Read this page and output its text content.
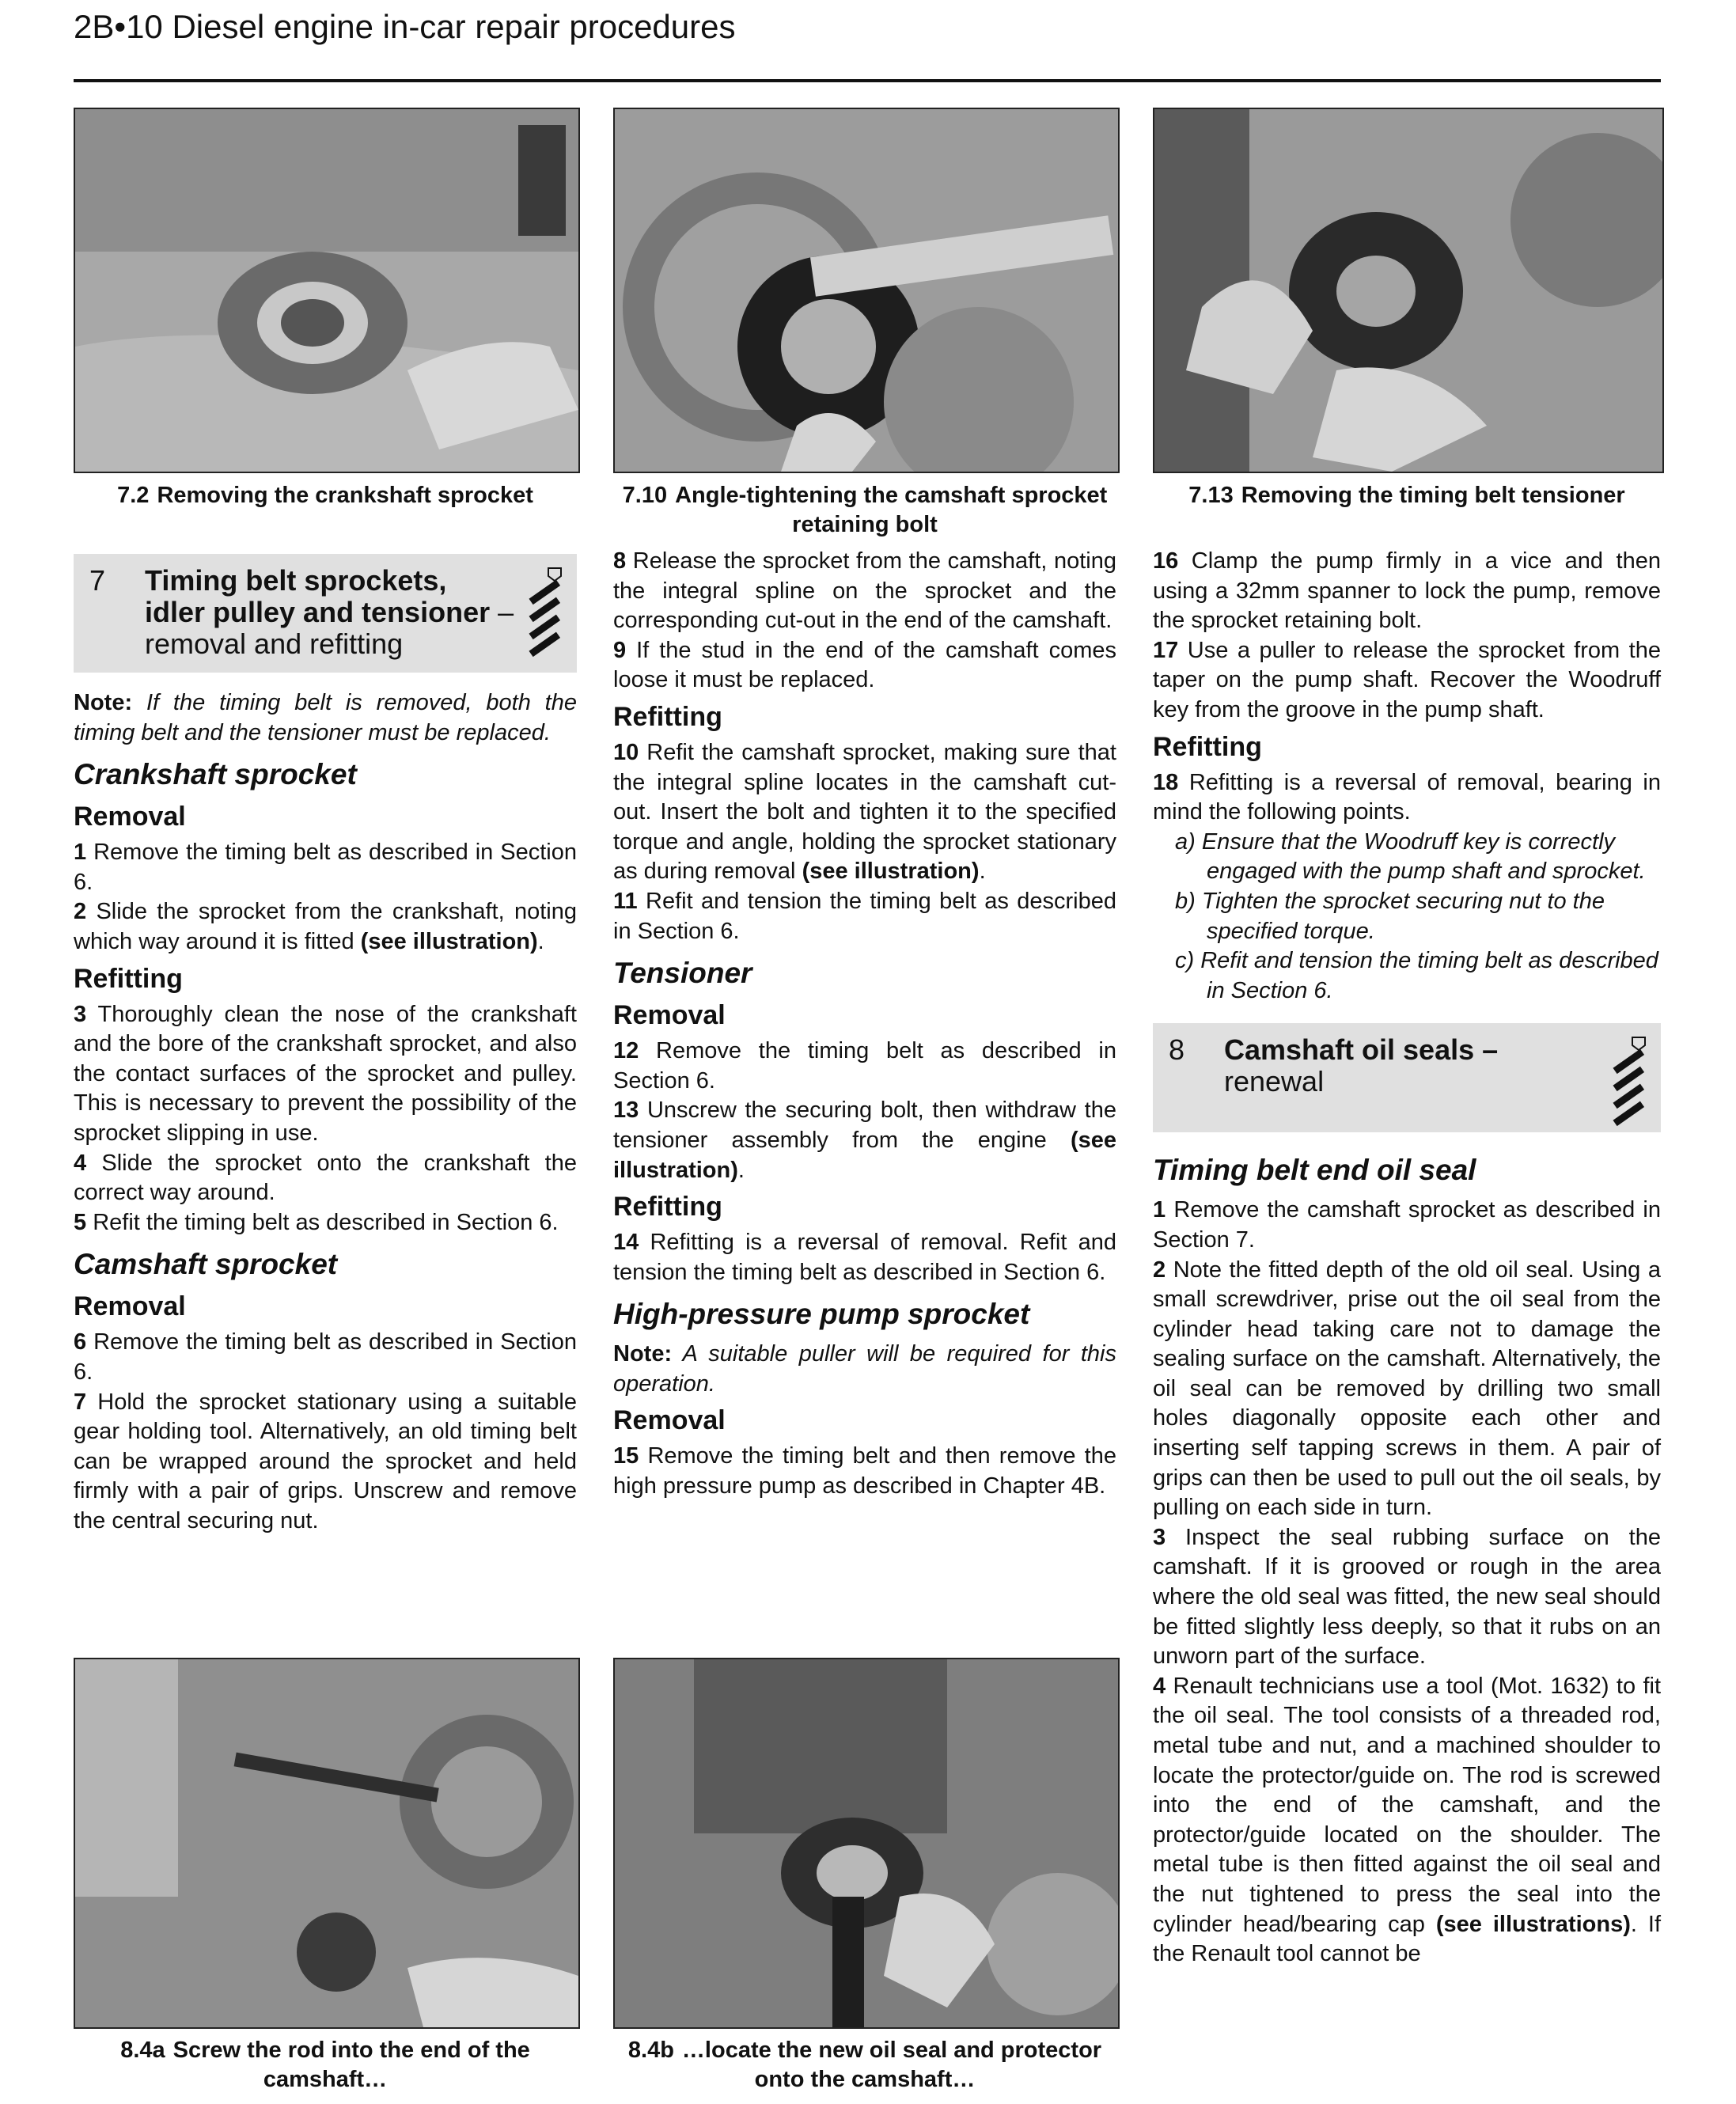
2B•10 Diesel engine in-car repair procedures
7.2 Removing the crankshaft sprocket	7.10 Angle-tightening the camshaft sprocket retaining bolt
7.13 Removing the timing belt tensioner
8.4a Screw the rod into the end of the camshaft…
8.4b …locate the new oil seal and protector onto the camshaft…
7 Timing belt sprockets,
idler pulley and tensioner –
removal and refitting

Note: If the timing belt is removed, both the timing belt and the tensioner must be replaced.

Crankshaft sprocket
Removal

1 Remove the timing belt as described in Section 6.

2 Slide the sprocket from the crankshaft, noting which way around it is fitted (see illustration).

Refitting

3 Thoroughly clean the nose of the crankshaft and the bore of the crankshaft sprocket, and also the contact surfaces of the sprocket and pulley. This is necessary to prevent the possibility of the sprocket slipping in use.

4 Slide the sprocket onto the crankshaft the correct way around.

5 Refit the timing belt as described in Section 6.

Camshaft sprocket
Removal

6 Remove the timing belt as described in Section 6.

7 Hold the sprocket stationary using a suitable gear holding tool. Alternatively, an old timing belt can be wrapped around the sprocket and held firmly with a pair of grips. Unscrew and remove the central securing nut.

8 Release the sprocket from the camshaft, noting the integral spline on the sprocket and the corresponding cut-out in the end of the camshaft.

9 If the stud in the end of the camshaft comes loose it must be replaced.

Refitting

10 Refit the camshaft sprocket, making sure that the integral spline locates in the camshaft cut-out. Insert the bolt and tighten it to the specified torque and angle, holding the sprocket stationary as during removal (see illustration).

11 Refit and tension the timing belt as described in Section 6.

Tensioner
Removal

12 Remove the timing belt as described in Section 6.

13 Unscrew the securing bolt, then withdraw the tensioner assembly from the engine (see illustration).

Refitting

14 Refitting is a reversal of removal. Refit and tension the timing belt as described in Section 6.

High-pressure pump sprocket

Note: A suitable puller will be required for this operation.

Removal

15 Remove the timing belt and then remove the high pressure pump as described in Chapter 4B.

16 Clamp the pump firmly in a vice and then using a 32mm spanner to lock the pump, remove the sprocket retaining bolt.

17 Use a puller to release the sprocket from the taper on the pump shaft. Recover the Woodruff key from the groove in the pump shaft.

Refitting

18 Refitting is a reversal of removal, bearing in mind the following points.

a) Ensure that the Woodruff key is correctly engaged with the pump shaft and sprocket.
b) Tighten the sprocket securing nut to the specified torque.
c) Refit and tension the timing belt as described in Section 6.
8 Camshaft oil seals –
renewal
Timing belt end oil seal

1 Remove the camshaft sprocket as described in Section 7.

2 Note the fitted depth of the old oil seal. Using a small screwdriver, prise out the oil seal from the cylinder head taking care not to damage the sealing surface on the camshaft. Alternatively, the oil seal can be removed by drilling two small holes diagonally opposite each other and inserting self tapping screws in them. A pair of grips can then be used to pull out the oil seals, by pulling on each side in turn.

3 Inspect the seal rubbing surface on the camshaft. If it is grooved or rough in the area where the old seal was fitted, the new seal should be fitted slightly less deeply, so that it rubs on an unworn part of the surface.

4 Renault technicians use a tool (Mot. 1632) to fit the oil seal. The tool consists of a threaded rod, metal tube and nut, and a machined shoulder to locate the protector/guide on. The rod is screwed into the end of the camshaft, and the protector/guide located on the shoulder. The metal tube is then fitted against the oil seal and the nut tightened to press the seal into the cylinder head/bearing cap (see illustrations). If the Renault tool cannot be
